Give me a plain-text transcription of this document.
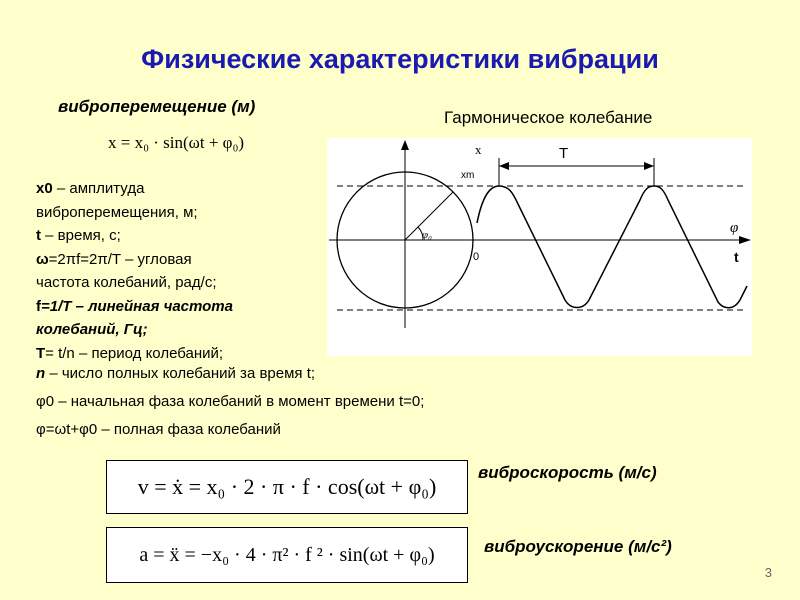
Физические характеристики вибрации
виброперемещение (м)
Гармоническое колебание
x = x₀ · sin(ωt + φ₀)	x
xm
T
φ
t
0
φ₀
x0 – амплитуда
виброперемещения, м;
t – время, с;
ω=2πf=2π/T – угловая
частота колебаний, рад/с;
f=1/T – линейная частота
колебаний, Гц;
T= t/n – период колебаний;
n – число полных колебаний за время t;
φ0 – начальная фаза колебаний в момент времени t=0;
φ=ωt+φ0 – полная фаза колебаний
v = ẋ = x₀ · 2 · π · f · cos(ωt + φ₀)
виброскорость (м/с)
a = ẍ = −x₀ · 4 · π² · f ² · sin(ωt + φ₀)	виброускорение (м/с²)
3
